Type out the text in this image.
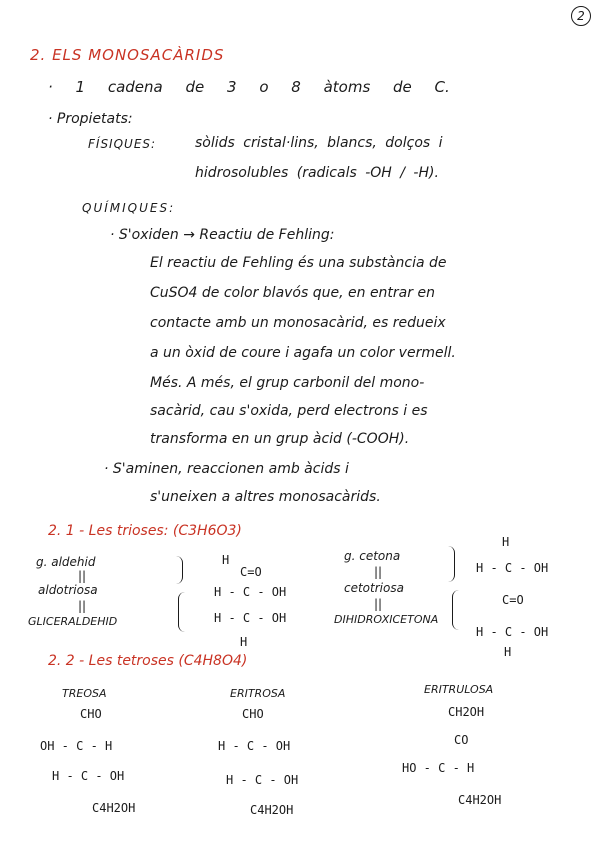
2
2. ELS MONOSACÀRIDS
· 1 cadena de 3 o 8 àtoms de C.
· Propietats:
FÍSIQUES:	sòlids cristal·lins, blancs, dolços i
hidrosolubles (radicals -OH / -H).
QUÍMIQUES:
· S'oxiden → Reactiu de Fehling:
El reactiu de Fehling és una substància de
CuSO4 de color blavós que, en entrar en
contacte amb un monosacàrid, es redueix
a un òxid de coure i agafa un color vermell.
Més. A més, el grup carbonil del mono-
sacàrid, cau s'oxida, perd electrons i es
transforma en un grup àcid (-COOH).
· S'aminen, reaccionen amb àcids i
s'uneixen a altres monosacàrids.
2. 1 - Les trioses: (C3H6O3)
g. aldehid
||
aldotriosa
||
GLICERALDEHID
H
C=O
H - C - OH
H - C - OH
H
g. cetona
||
cetotriosa
||
DIHIDROXICETONA
H
H - C - OH
C=O
H - C - OH
H
2. 2 - Les tetroses (C4H8O4)
TREOSA
CHO
OH - C - H
H - C - OH
C4H2OH
ERITROSA
CHO
H - C - OH
H - C - OH
C4H2OH
ERITRULOSA
CH2OH
CO
HO - C - H
C4H2OH
